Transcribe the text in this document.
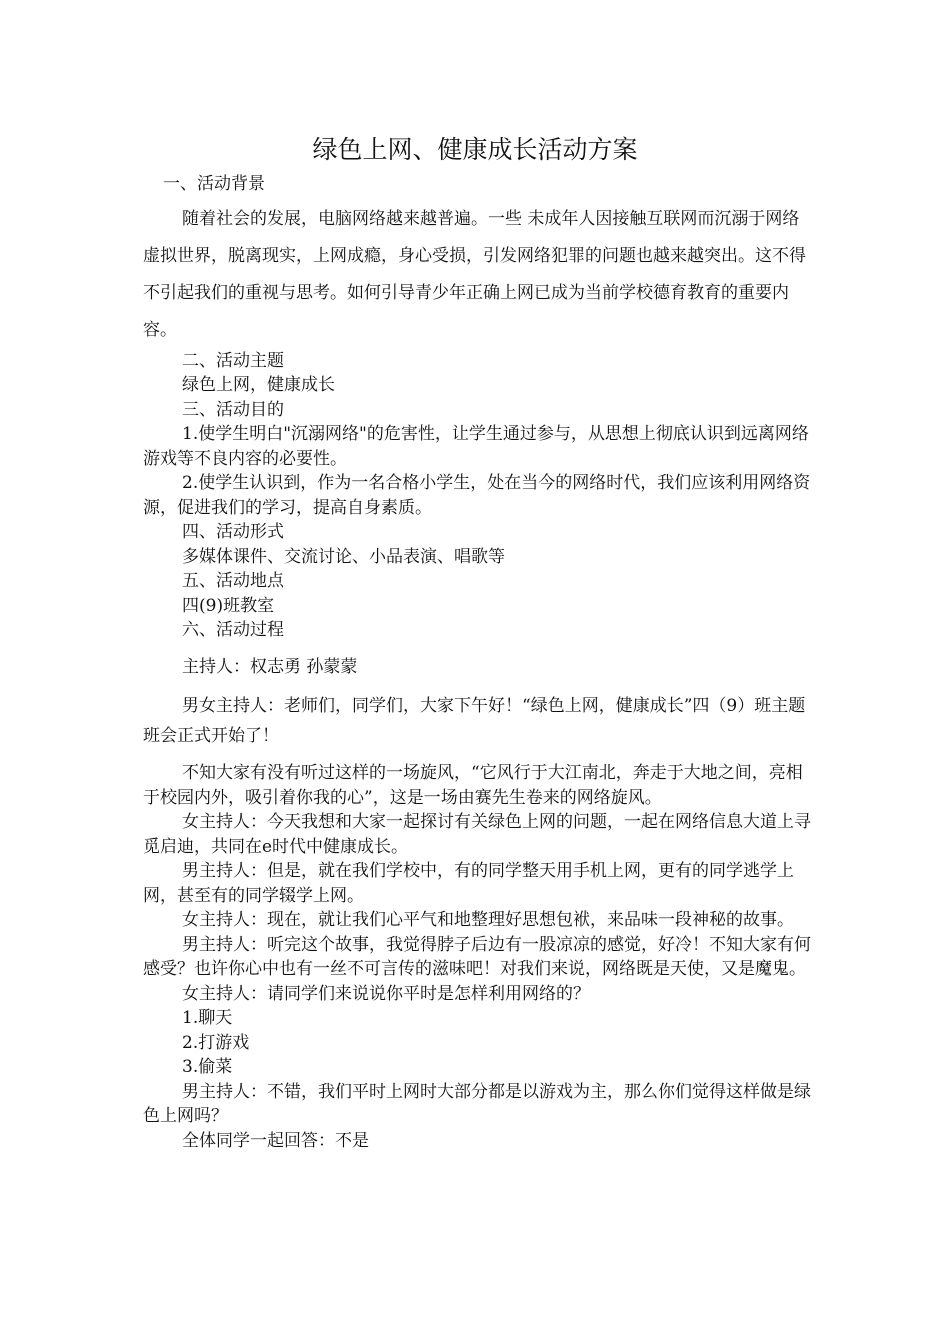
绿色上网、健康成长活动方案

一、活动背景

随着社会的发展，电脑网络越来越普遍。一些 未成年人因接触互联网而沉溺于网络虚拟世界，脱离现实，上网成瘾，身心受损，引发网络犯罪的问题也越来越突出。这不得不引起我们的重视与思考。如何引导青少年正确上网已成为当前学校德育教育的重要内容。

二、活动主题

绿色上网，健康成长

三、活动目的

1.使学生明白"沉溺网络"的危害性，让学生通过参与，从思想上彻底认识到远离网络游戏等不良内容的必要性。

2.使学生认识到，作为一名合格小学生，处在当今的网络时代，我们应该利用网络资源，促进我们的学习，提高自身素质。

四、活动形式

多媒体课件、交流讨论、小品表演、唱歌等

五、活动地点

四(9)班教室

六、活动过程

主持人：权志勇 孙蒙蒙

男女主持人：老师们，同学们，大家下午好！“绿色上网，健康成长”四（9）班主题班会正式开始了！

不知大家有没有听过这样的一场旋风，“它风行于大江南北，奔走于大地之间，亮相于校园内外，吸引着你我的心”，这是一场由赛先生卷来的网络旋风。

女主持人：今天我想和大家一起探讨有关绿色上网的问题，一起在网络信息大道上寻觅启迪，共同在e时代中健康成长。

男主持人：但是，就在我们学校中，有的同学整天用手机上网，更有的同学逃学上网，甚至有的同学辍学上网。

女主持人：现在，就让我们心平气和地整理好思想包袱，来品味一段神秘的故事。

男主持人：听完这个故事，我觉得脖子后边有一股凉凉的感觉，好冷！不知大家有何感受？也许你心中也有一丝不可言传的滋味吧！对我们来说，网络既是天使，又是魔鬼。

女主持人：请同学们来说说你平时是怎样利用网络的？

1.聊天

2.打游戏

3.偷菜

男主持人：不错，我们平时上网时大部分都是以游戏为主，那么你们觉得这样做是绿色上网吗？

全体同学一起回答：不是
